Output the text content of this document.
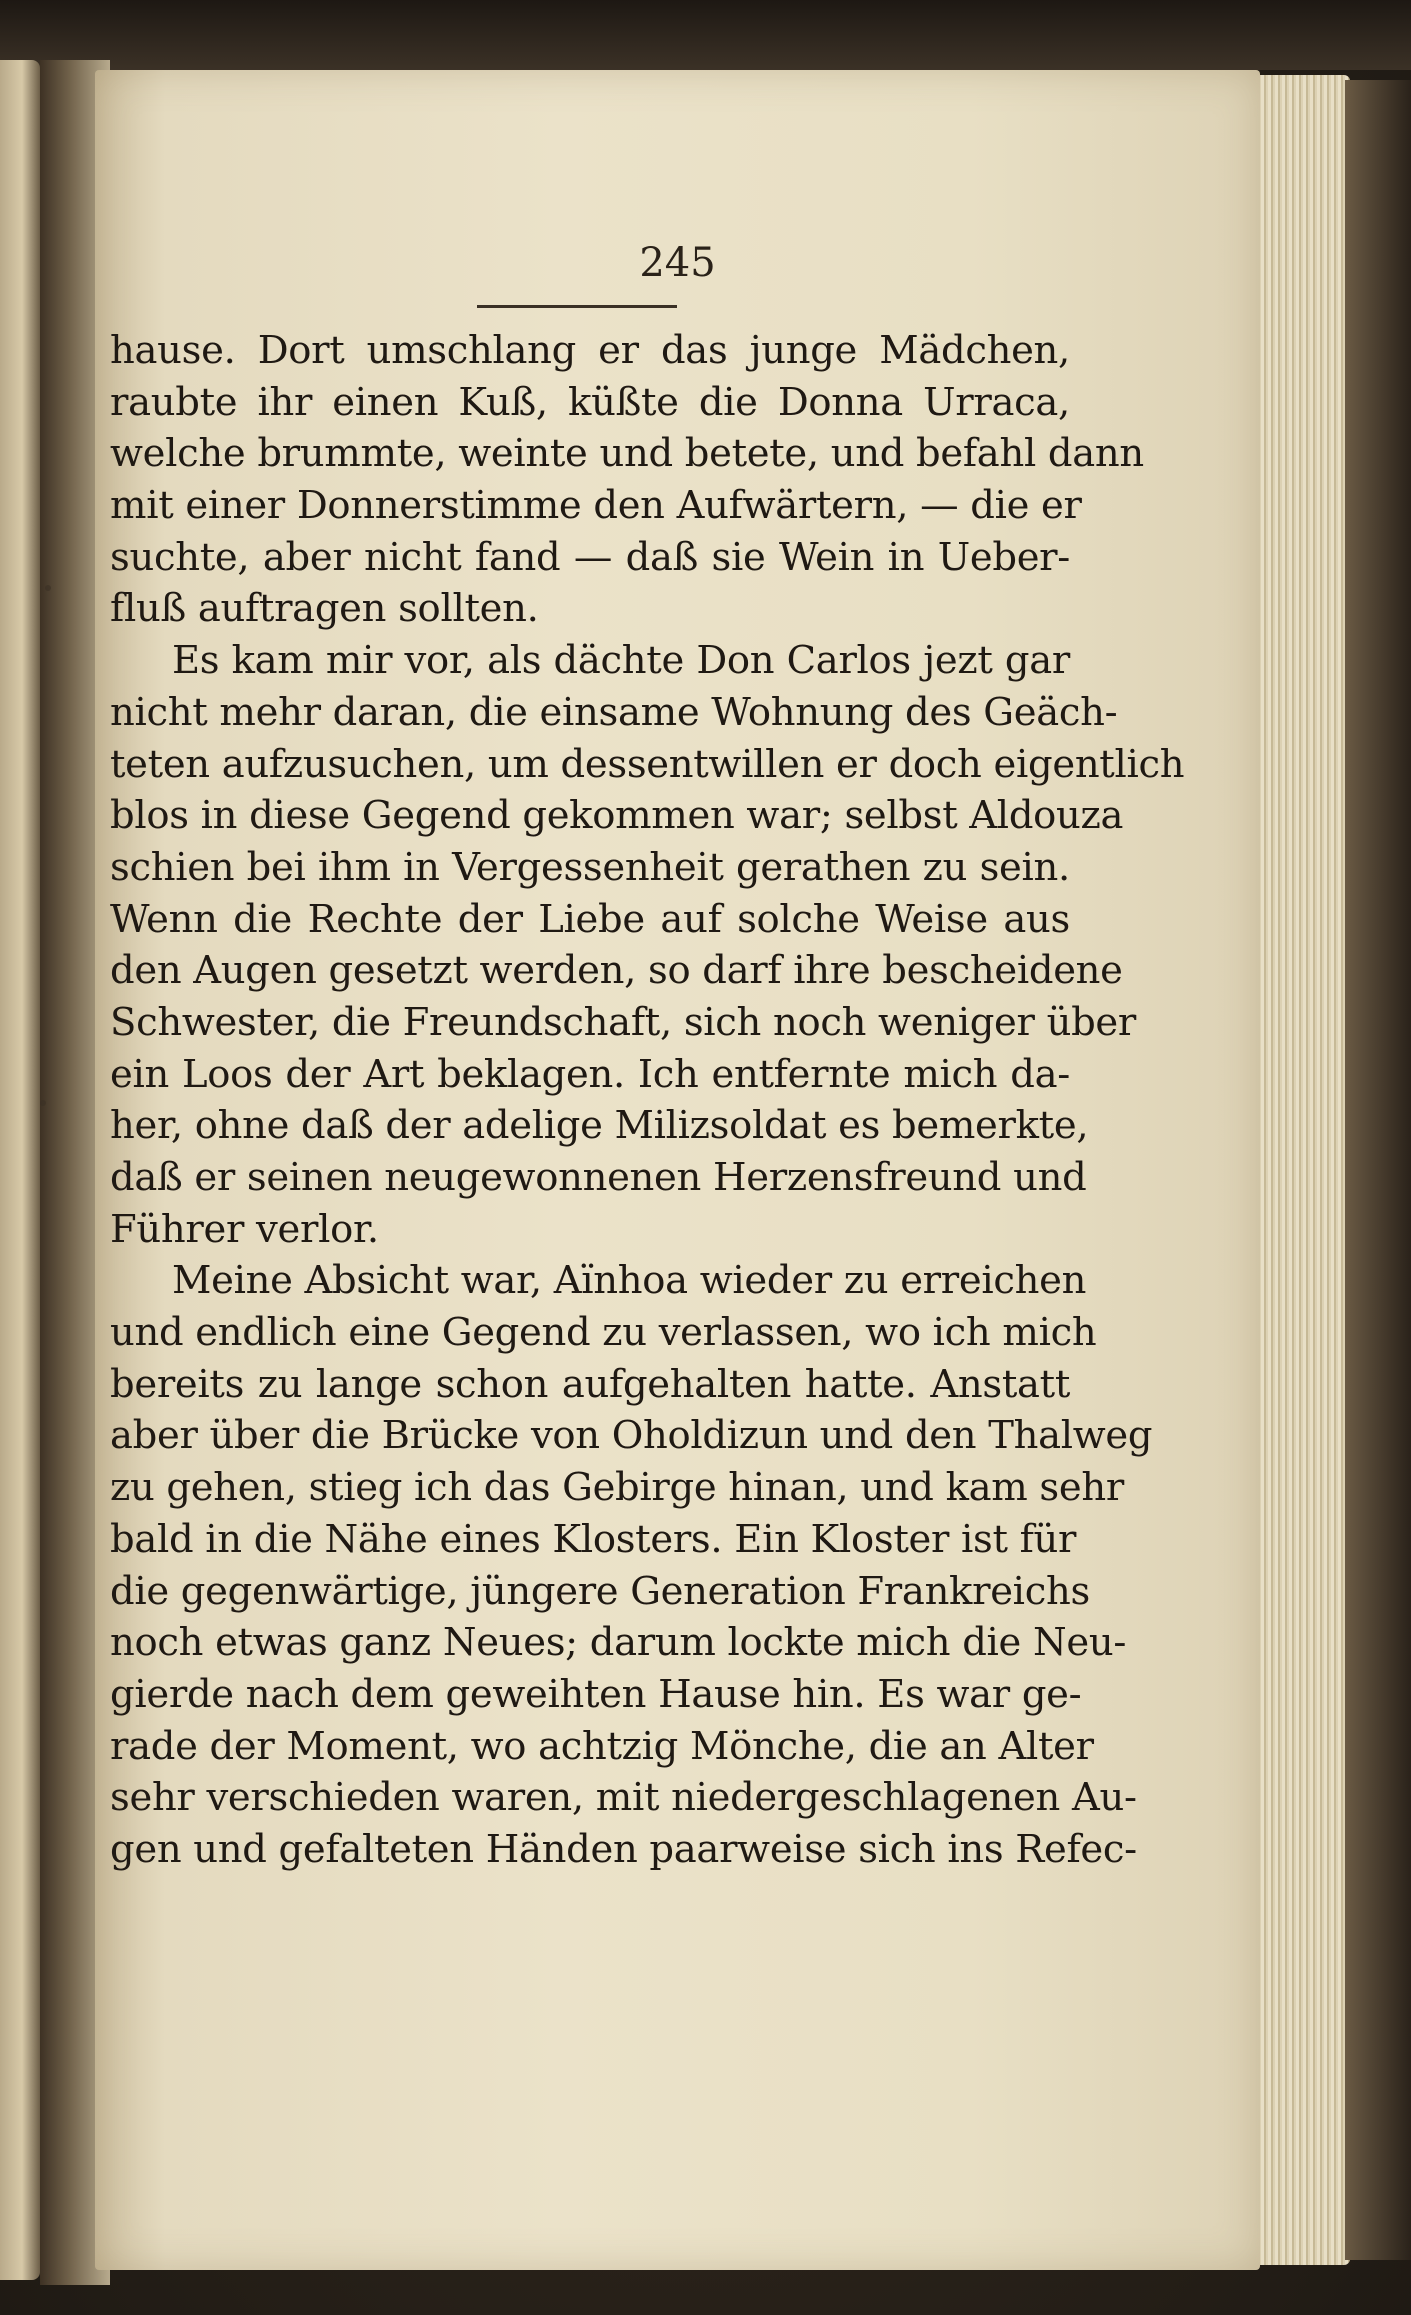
245
hause. Dort umschlang er das junge Mädchen,
raubte ihr einen Kuß, küßte die Donna Urraca,
welche brummte, weinte und betete, und befahl dann
mit einer Donnerstimme den Aufwärtern, — die er
suchte, aber nicht fand — daß sie Wein in Ueber-
fluß auftragen sollten.
Es kam mir vor, als dächte Don Carlos jezt gar
nicht mehr daran, die einsame Wohnung des Geäch-
teten aufzusuchen, um dessentwillen er doch eigentlich
blos in diese Gegend gekommen war; selbst Aldouza
schien bei ihm in Vergessenheit gerathen zu sein.
Wenn die Rechte der Liebe auf solche Weise aus
den Augen gesetzt werden, so darf ihre bescheidene
Schwester, die Freundschaft, sich noch weniger über
ein Loos der Art beklagen. Ich entfernte mich da-
her, ohne daß der adelige Milizsoldat es bemerkte,
daß er seinen neugewonnenen Herzensfreund und
Führer verlor.
Meine Absicht war, Aïnhoa wieder zu erreichen
und endlich eine Gegend zu verlassen, wo ich mich
bereits zu lange schon aufgehalten hatte. Anstatt
aber über die Brücke von Oholdizun und den Thalweg
zu gehen, stieg ich das Gebirge hinan, und kam sehr
bald in die Nähe eines Klosters. Ein Kloster ist für
die gegenwärtige, jüngere Generation Frankreichs
noch etwas ganz Neues; darum lockte mich die Neu-
gierde nach dem geweihten Hause hin. Es war ge-
rade der Moment, wo achtzig Mönche, die an Alter
sehr verschieden waren, mit niedergeschlagenen Au-
gen und gefalteten Händen paarweise sich ins Refec-
